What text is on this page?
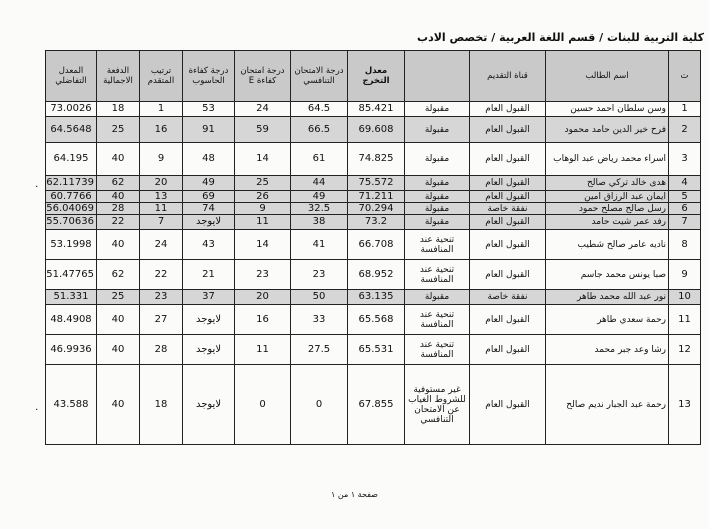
كلية التربية للبنات / قسم اللغة العربية / تخصص الادب
ت	اسم الطالب	قناة التقديم		معدل التخرج	درجة الامتحان التنافسي	درجة امتحان كفاءة E	درجة كفاءة الحاسوب	ترتيب المتقدم	الدفعة الاجمالية	المعدل التفاضلي
1	وسن سلطان احمد حسين	القبول العام	مقبولة	85.421	64.5	24	53	1	18	73.0026
2	فرح خير الدين حامد محمود	القبول العام	مقبولة	69.608	66.5	59	91	16	25	64.5648
3	اسراء محمد رياض عبد الوهاب	القبول العام	مقبولة	74.825	61	14	48	9	40	64.195
4	هدى خالد تركي صالح	القبول العام	مقبولة	75.572	44	25	49	20	62	62.11739
5	ايمان عبد الرزاق امين	القبول العام	مقبولة	71.211	49	26	69	13	40	60.7766
6	رسل صالح مصلح حمود	نفقة خاصة	مقبولة	70.294	32.5	9	74	11	28	56.04069
7	رفد عمر شيت حامد	القبول العام	مقبولة	73.2	38	11	لايوجد	7	22	55.70636
8	ناديه عامر صالح شطيب	القبول العام	تنحية عند المنافسة	66.708	41	14	43	24	40	53.1998
9	صبا يونس محمد جاسم	القبول العام	تنحية عند المنافسة	68.952	23	23	21	22	62	51.47765
10	نور عبد الله محمد طاهر	نفقة خاصة	مقبولة	63.135	50	20	37	23	25	51.331
11	رحمة سعدي طاهر	القبول العام	تنحية عند المنافسة	65.568	33	16	لايوجد	27	40	48.4908
12	رشا وعد جبر محمد	القبول العام	تنحية عند المنافسة	65.531	27.5	11	لايوجد	28	40	46.9936
13	رحمة عبد الجبار نديم صالح	القبول العام	غير مستوفية للشروط الغياب عن الامتحان التنافسي	67.855	0	0	لايوجد	18	40	43.588
٠
٠
صفحة ١ من ١
